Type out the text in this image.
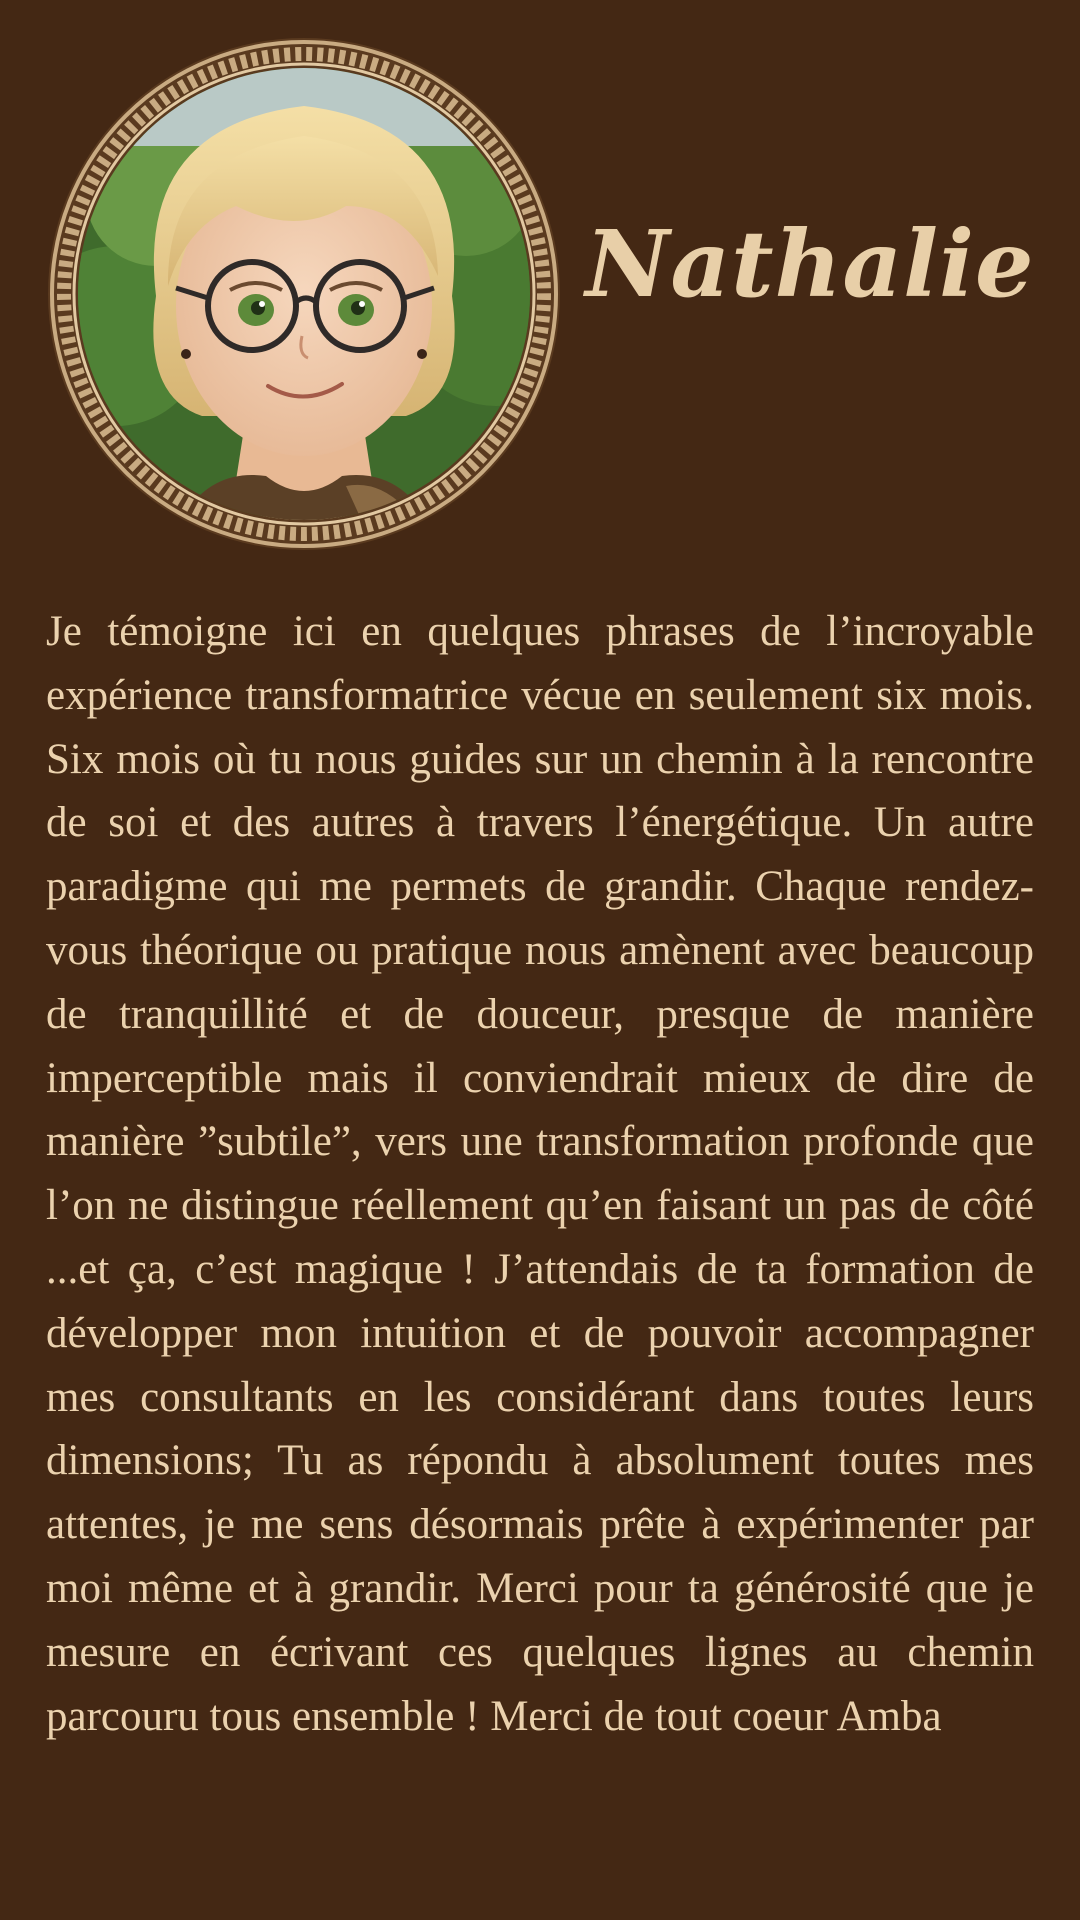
Nathalie

Je témoigne ici en quelques phrases de l’incroyable expérience transformatrice vécue en seulement six mois. Six mois où tu nous guides sur un chemin à la rencontre de soi et des autres à travers l’énergétique. Un autre paradigme qui me permets de grandir. Chaque rendez-vous théorique ou pratique nous amènent avec beaucoup de tranquillité et de douceur, presque de manière imperceptible mais il conviendrait mieux de dire de manière ”subtile”, vers une transformation profonde que l’on ne distingue réellement qu’en faisant un pas de côté ...et ça, c’est magique ! J’attendais de ta formation de développer mon intuition et de pouvoir accompagner mes consultants en les considérant dans toutes leurs dimensions; Tu as répondu à absolument toutes mes attentes, je me sens désormais prête à expérimenter par moi même et à grandir. Merci pour ta générosité que je mesure en écrivant ces quelques lignes au chemin parcouru tous ensemble ! Merci de tout coeur Amba
